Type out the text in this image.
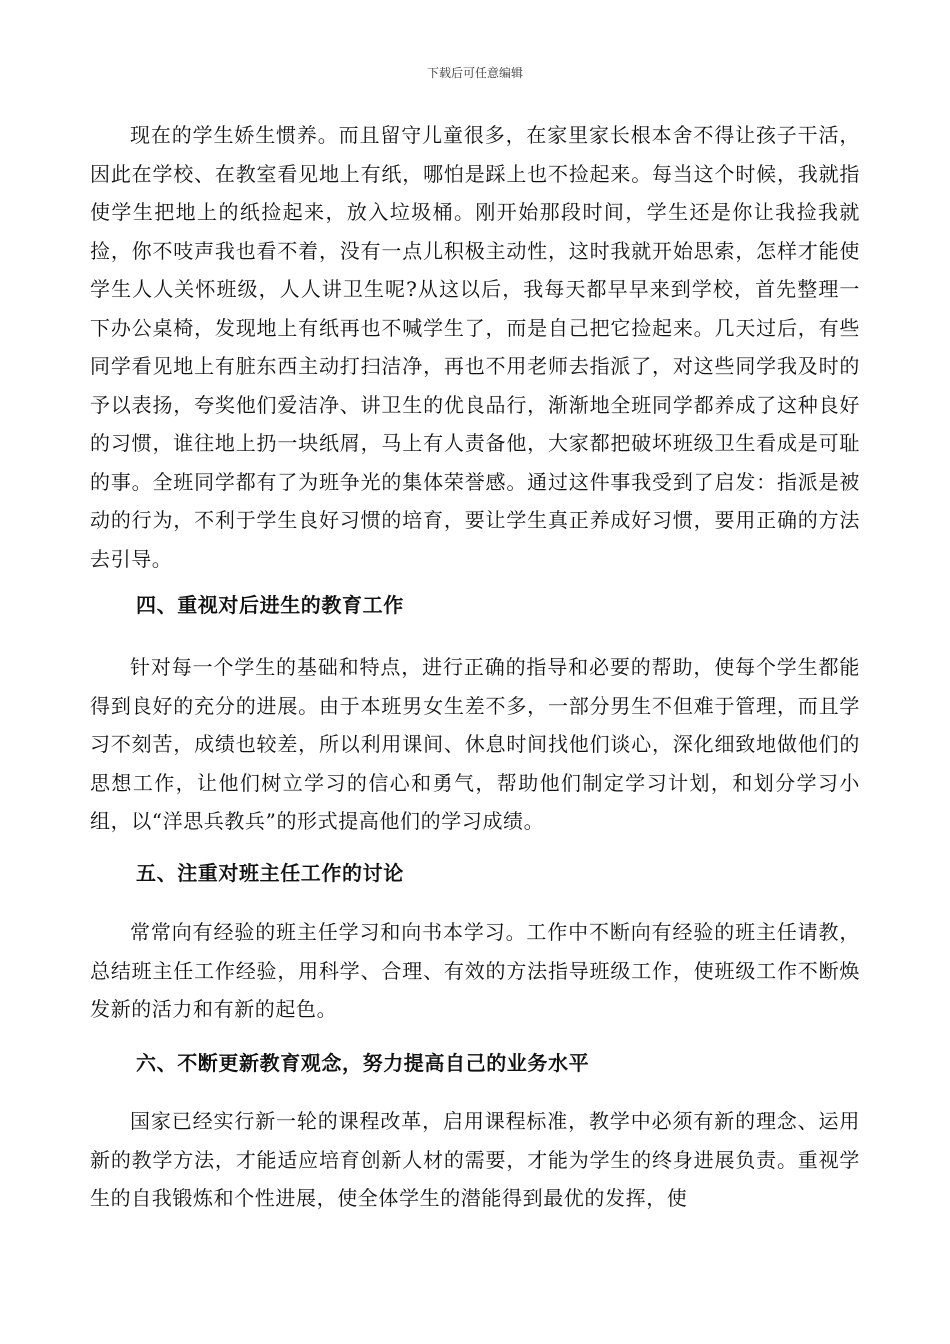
下载后可任意编辑

现在的学生娇生惯养。而且留守儿童很多，在家里家长根本舍不得让孩子干活，因此在学校、在教室看见地上有纸，哪怕是踩上也不捡起来。每当这个时候，我就指使学生把地上的纸捡起来，放入垃圾桶。刚开始那段时间，学生还是你让我捡我就捡，你不吱声我也看不着，没有一点儿积极主动性，这时我就开始思索，怎样才能使学生人人关怀班级，人人讲卫生呢?从这以后，我每天都早早来到学校，首先整理一下办公桌椅，发现地上有纸再也不喊学生了，而是自己把它捡起来。几天过后，有些同学看见地上有脏东西主动打扫洁净，再也不用老师去指派了，对这些同学我及时的予以表扬，夸奖他们爱洁净、讲卫生的优良品行，渐渐地全班同学都养成了这种良好的习惯，谁往地上扔一块纸屑，马上有人责备他，大家都把破坏班级卫生看成是可耻的事。全班同学都有了为班争光的集体荣誉感。通过这件事我受到了启发：指派是被动的行为，不利于学生良好习惯的培育，要让学生真正养成好习惯，要用正确的方法去引导。

四、重视对后进生的教育工作

针对每一个学生的基础和特点，进行正确的指导和必要的帮助，使每个学生都能得到良好的充分的进展。由于本班男女生差不多，一部分男生不但难于管理，而且学习不刻苦，成绩也较差，所以利用课间、休息时间找他们谈心，深化细致地做他们的思想工作，让他们树立学习的信心和勇气，帮助他们制定学习计划，和划分学习小组，以“洋思兵教兵”的形式提高他们的学习成绩。

五、注重对班主任工作的讨论

常常向有经验的班主任学习和向书本学习。工作中不断向有经验的班主任请教，总结班主任工作经验，用科学、合理、有效的方法指导班级工作，使班级工作不断焕发新的活力和有新的起色。

六、不断更新教育观念，努力提高自己的业务水平

国家已经实行新一轮的课程改革，启用课程标准，教学中必须有新的理念、运用新的教学方法，才能适应培育创新人材的需要，才能为学生的终身进展负责。重视学生的自我锻炼和个性进展，使全体学生的潜能得到最优的发挥，使
